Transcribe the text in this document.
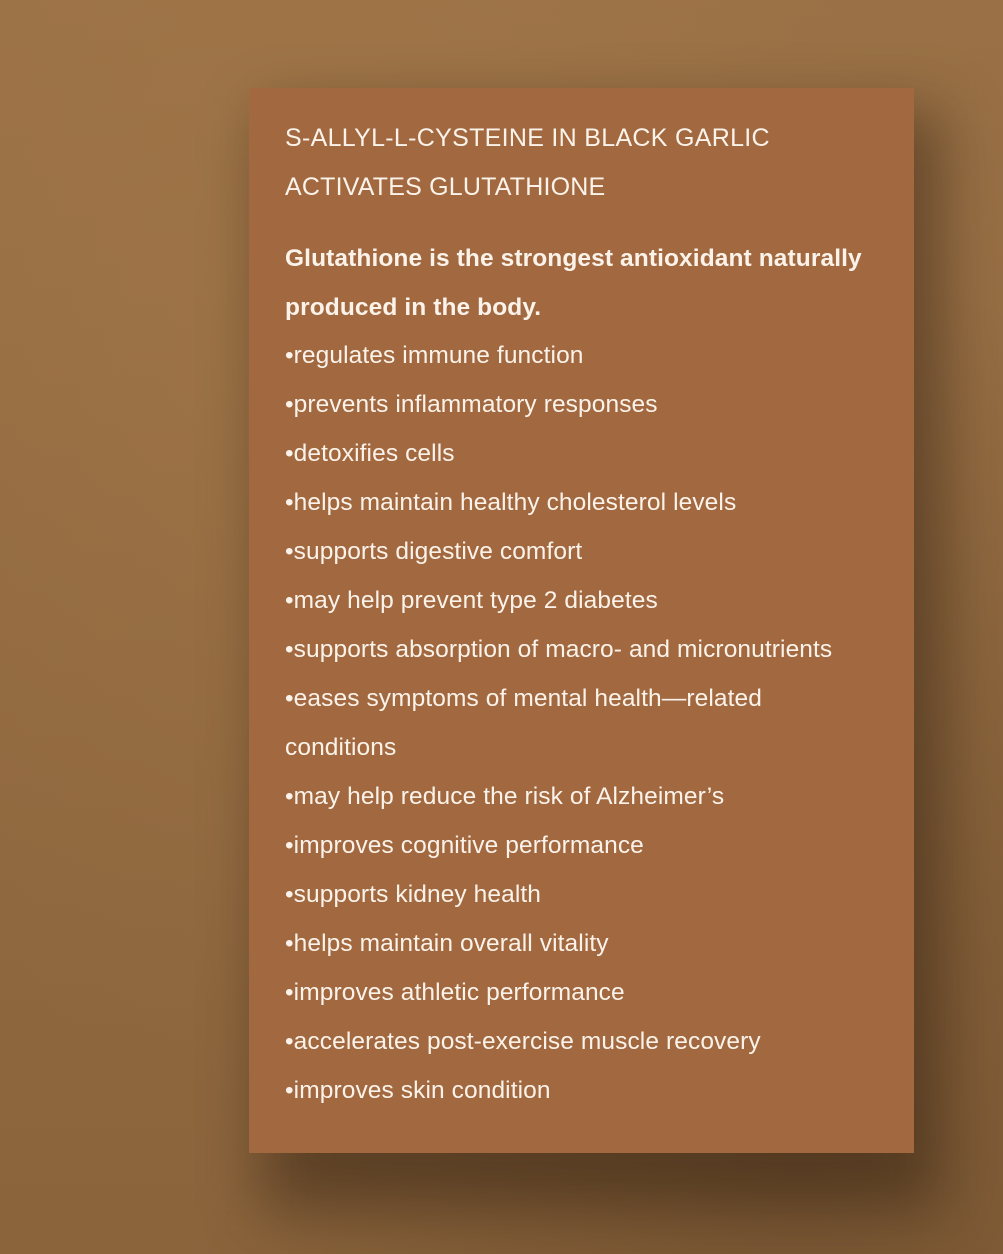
S-ALLYL-L-CYSTEINE IN BLACK GARLIC
ACTIVATES GLUTATHIONE
Glutathione is the strongest antioxidant naturally
produced in the body.
•regulates immune function
•prevents inflammatory responses
•detoxifies cells
•helps maintain healthy cholesterol levels
•supports digestive comfort
•may help prevent type 2 diabetes
•supports absorption of macro- and micronutrients
•eases symptoms of mental health—related
conditions
•may help reduce the risk of Alzheimer’s
•improves cognitive performance
•supports kidney health
•helps maintain overall vitality
•improves athletic performance
•accelerates post-exercise muscle recovery
•improves skin condition
